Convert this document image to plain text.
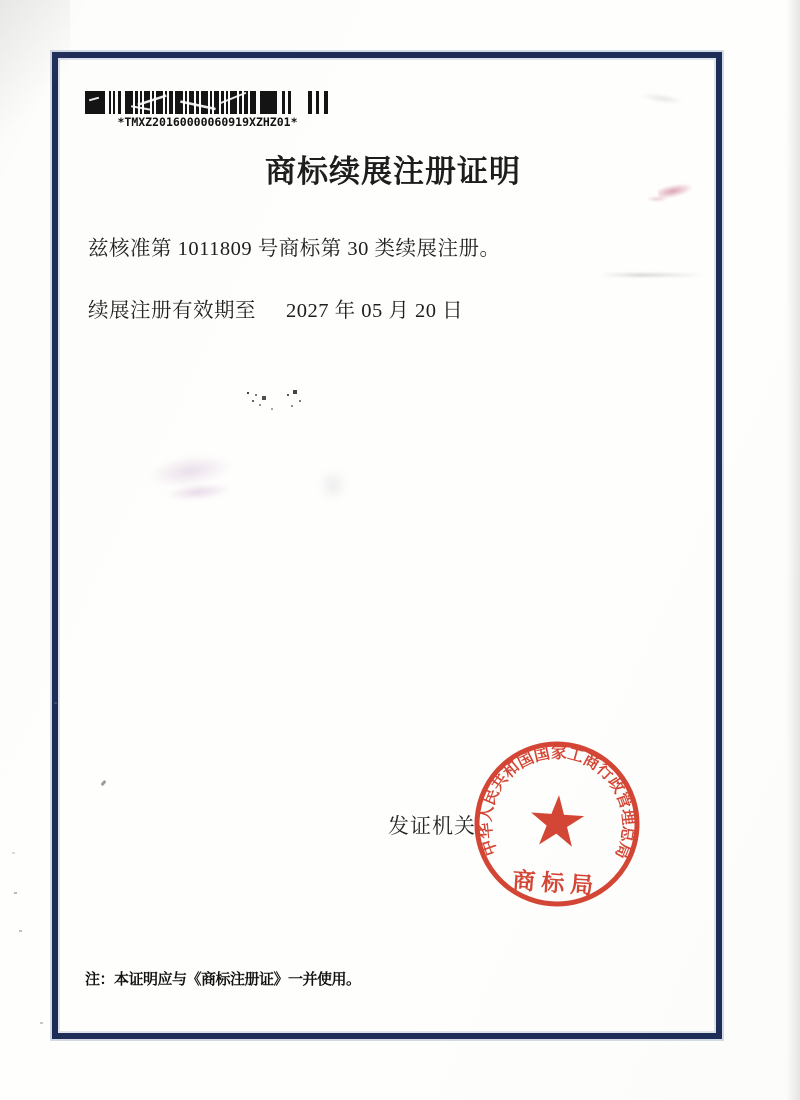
*TMXZ20160000060919XZHZ01*
商标续展注册证明
兹核准第 1011809 号商标第 30 类续展注册。
续展注册有效期至 2027 年 05 月 20 日
发证机关
中华人民共和国国家工商行政管理总局
商标局
注：本证明应与《商标注册证》一并使用。
